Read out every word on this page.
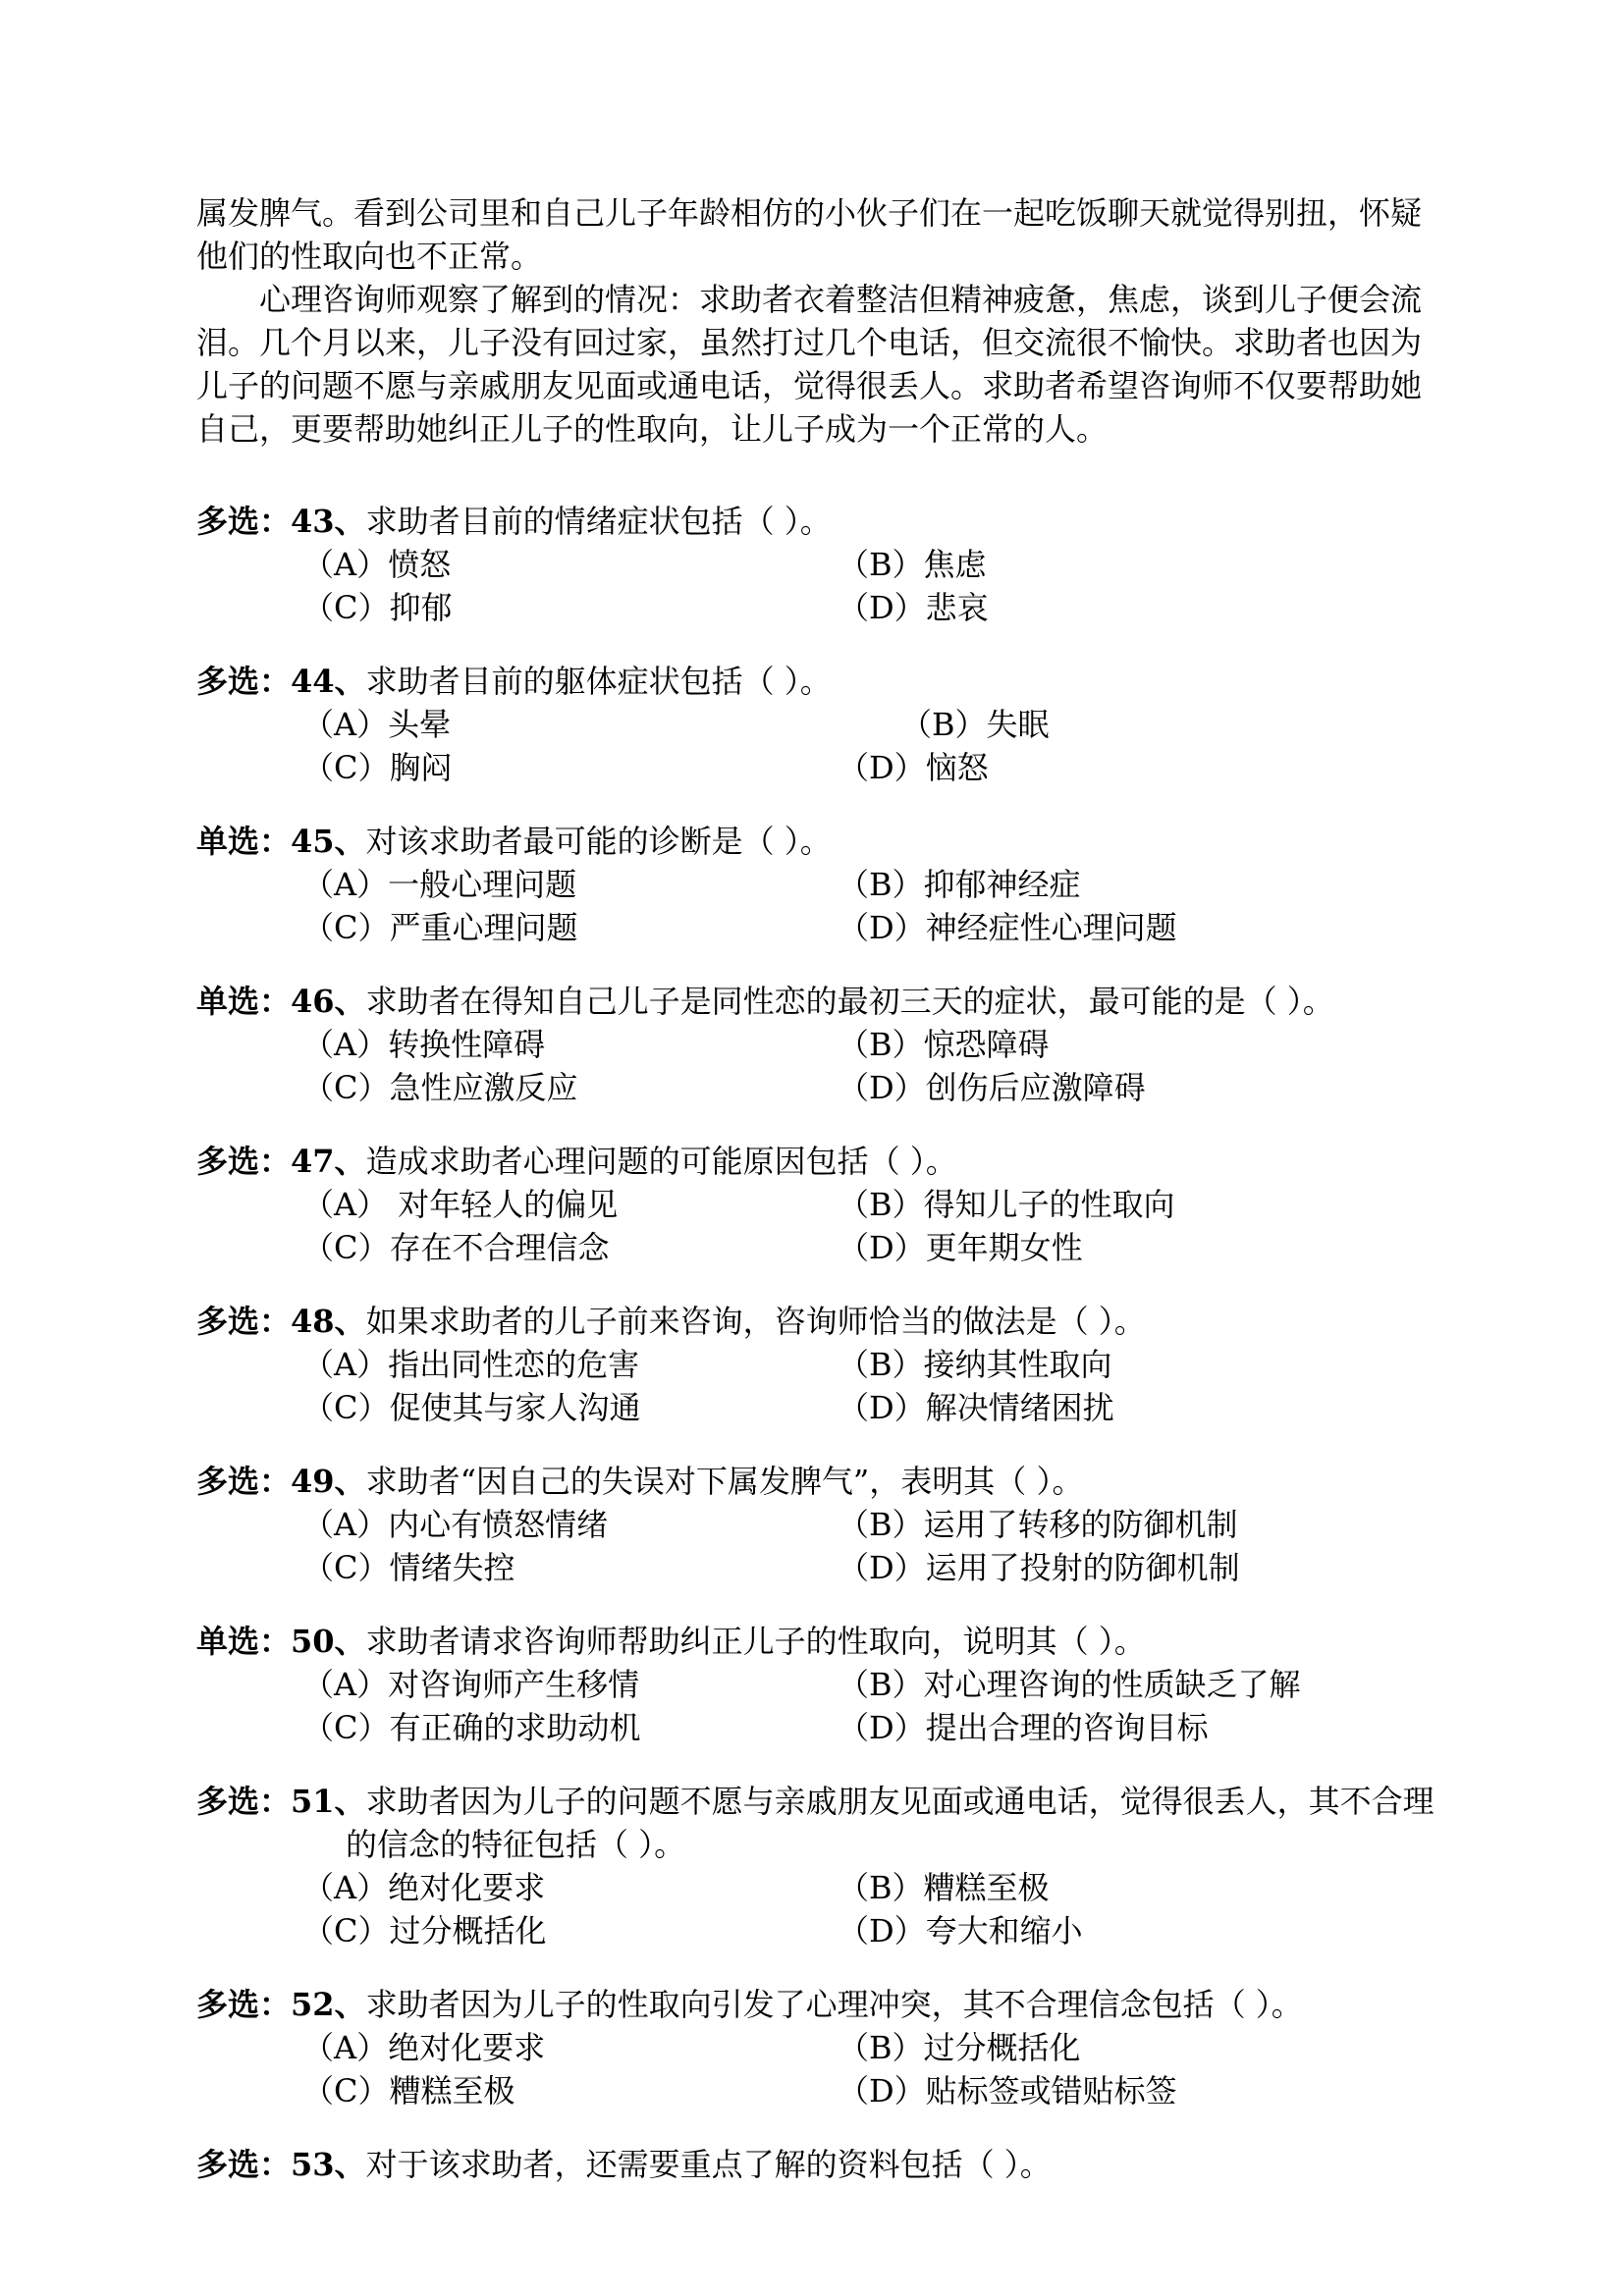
属发脾气。看到公司里和自己儿子年龄相仿的小伙子们在一起吃饭聊天就觉得别扭，怀疑他们的性取向也不正常。

心理咨询师观察了解到的情况：求助者衣着整洁但精神疲惫，焦虑，谈到儿子便会流泪。几个月以来，儿子没有回过家，虽然打过几个电话，但交流很不愉快。求助者也因为儿子的问题不愿与亲戚朋友见面或通电话，觉得很丢人。求助者希望咨询师不仅要帮助她自己，更要帮助她纠正儿子的性取向，让儿子成为一个正常的人。

多选：43、求助者目前的情绪症状包括（ ）。

（A）愤怒	（B）焦虑
（C）抑郁	（D）悲哀

多选：44、求助者目前的躯体症状包括（ ）。

（A）头晕	（B）失眠
（C）胸闷	（D）恼怒

单选：45、对该求助者最可能的诊断是（ ）。

（A）一般心理问题	（B）抑郁神经症
（C）严重心理问题	（D）神经症性心理问题

单选：46、求助者在得知自己儿子是同性恋的最初三天的症状，最可能的是（ ）。

（A）转换性障碍	（B）惊恐障碍
（C）急性应激反应	（D）创伤后应激障碍

多选：47、造成求助者心理问题的可能原因包括（ ）。

（A） 对年轻人的偏见	（B）得知儿子的性取向
（C）存在不合理信念	（D）更年期女性

多选：48、如果求助者的儿子前来咨询，咨询师恰当的做法是（ ）。

（A）指出同性恋的危害	（B）接纳其性取向
（C）促使其与家人沟通	（D）解决情绪困扰

多选：49、求助者“因自己的失误对下属发脾气”，表明其（ ）。

（A）内心有愤怒情绪	（B）运用了转移的防御机制
（C）情绪失控	（D）运用了投射的防御机制

单选：50、求助者请求咨询师帮助纠正儿子的性取向，说明其（ ）。

（A）对咨询师产生移情	（B）对心理咨询的性质缺乏了解
（C）有正确的求助动机	（D）提出合理的咨询目标

多选：51、求助者因为儿子的问题不愿与亲戚朋友见面或通电话，觉得很丢人，其不合理的信念的特征包括（ ）。

（A）绝对化要求	（B）糟糕至极
（C）过分概括化	（D）夸大和缩小

多选：52、求助者因为儿子的性取向引发了心理冲突，其不合理信念包括（ ）。

（A）绝对化要求	（B）过分概括化
（C）糟糕至极	（D）贴标签或错贴标签

多选：53、对于该求助者，还需要重点了解的资料包括（ ）。
